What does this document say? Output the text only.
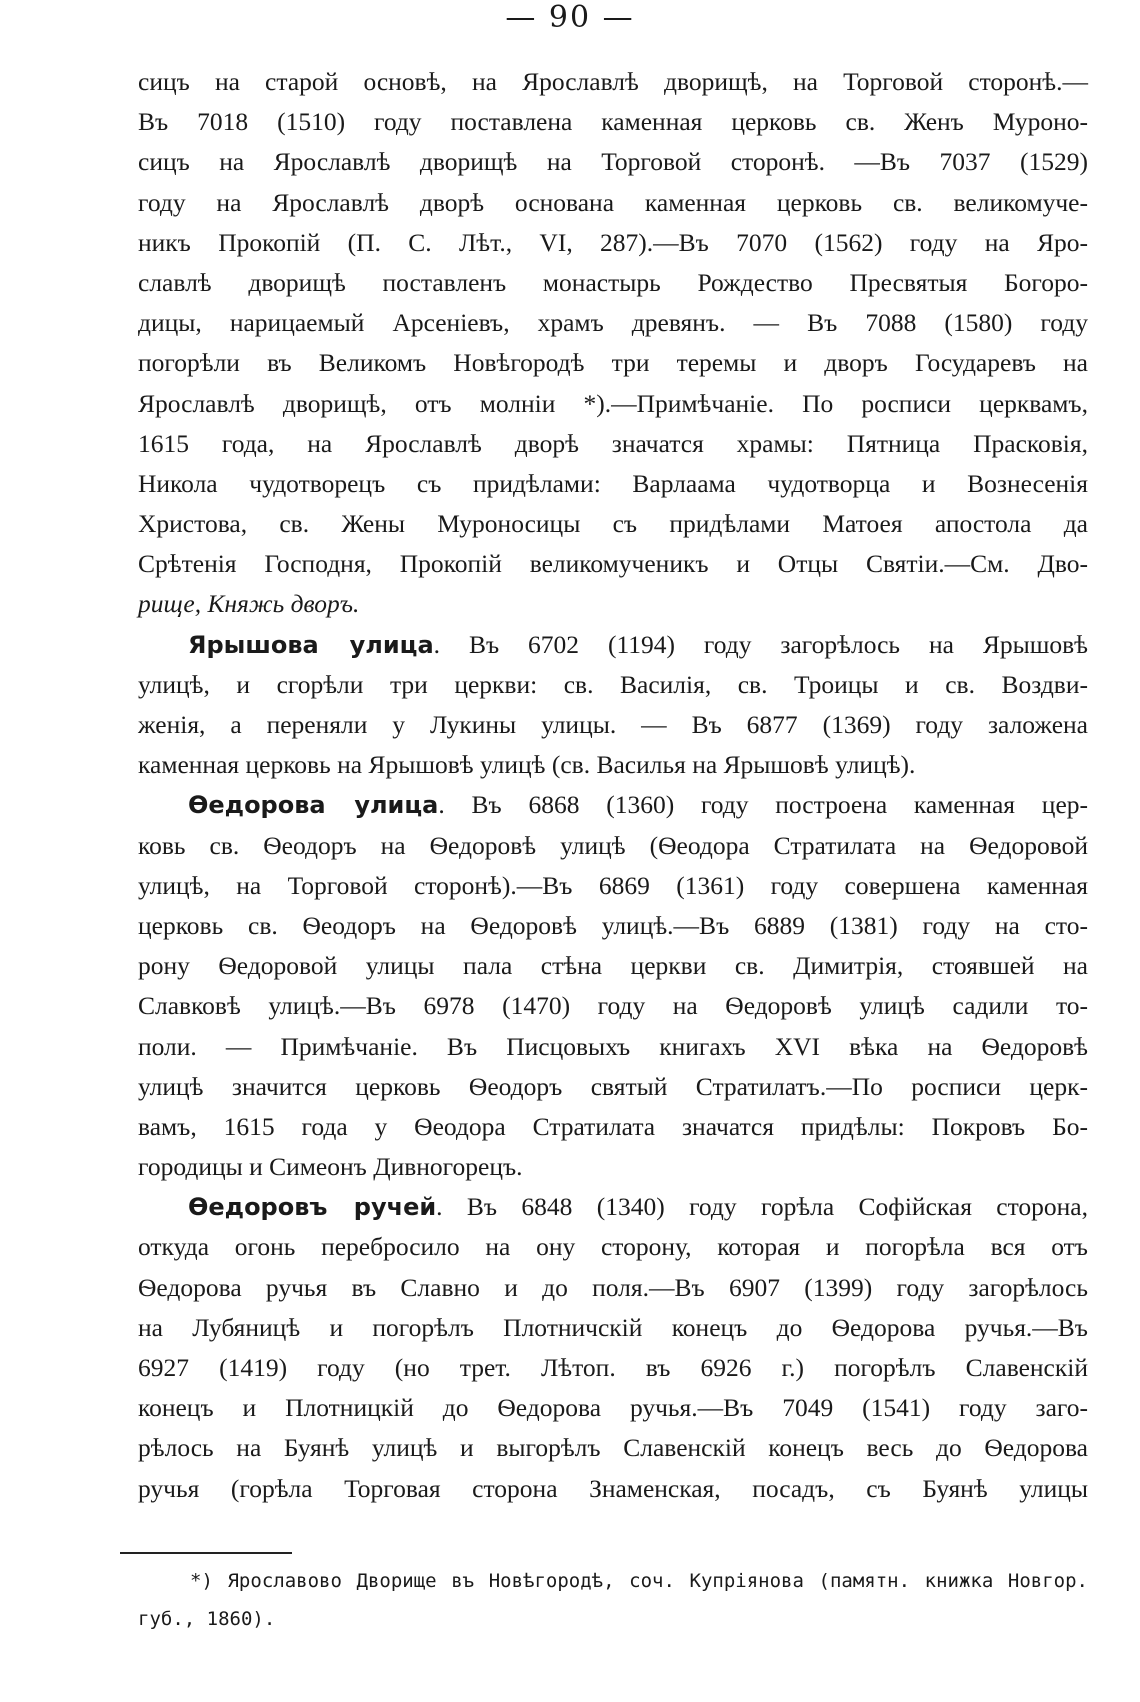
— 90 —
сицъ на старой основѣ, на Ярославлѣ дворищѣ, на Торговой сторонѣ.—
Въ 7018 (1510) году поставлена каменная церковь св. Женъ Муроно-
сицъ на Ярославлѣ дворищѣ на Торговой сторонѣ. —Въ 7037 (1529)
году на Ярославлѣ дворѣ основана каменная церковь св. великомуче-
никъ Прокопій (П. С. Лѣт., VI, 287).—Въ 7070 (1562) году на Яро-
славлѣ дворищѣ поставленъ монастырь Рождество Пресвятыя Богоро-
дицы, нарицаемый Арсеніевъ, храмъ древянъ. — Въ 7088 (1580) году
погорѣли въ Великомъ Новѣгородѣ три теремы и дворъ Государевъ на
Ярославлѣ дворищѣ, отъ молніи *).—Примѣчаніе. По росписи церквамъ,
1615 года, на Ярославлѣ дворѣ значатся храмы: Пятница Прасковія,
Никола чудотворецъ съ придѣлами: Варлаама чудотворца и Вознесенія
Христова, св. Жены Муроносицы съ придѣлами Матоея апостола да
Срѣтенія Господня, Прокопій великомученикъ и Отцы Святіи.—См. Дво-
рище, Княжь дворъ.
Ярышова улица. Въ 6702 (1194) году загорѣлось на Ярышовѣ
улицѣ, и сгорѣли три церкви: св. Василія, св. Троицы и св. Воздви-
женія, а переняли у Лукины улицы. — Въ 6877 (1369) году заложена
каменная церковь на Ярышовѣ улицѣ (св. Василья на Ярышовѣ улицѣ).
Ѳедорова улица. Въ 6868 (1360) году построена каменная цер-
ковь св. Ѳеодоръ на Ѳедоровѣ улицѣ (Ѳеодора Стратилата на Ѳедоровой
улицѣ, на Торговой сторонѣ).—Въ 6869 (1361) году совершена каменная
церковь св. Ѳеодоръ на Ѳедоровѣ улицѣ.—Въ 6889 (1381) году на сто-
рону Ѳедоровой улицы пала стѣна церкви св. Димитрія, стоявшей на
Славковѣ улицѣ.—Въ 6978 (1470) году на Ѳедоровѣ улицѣ садили то-
поли. — Примѣчаніе. Въ Писцовыхъ книгахъ XVI вѣка на Ѳедоровѣ
улицѣ значится церковь Ѳеодоръ святый Стратилатъ.—По росписи церк-
вамъ, 1615 года у Ѳеодора Стратилата значатся придѣлы: Покровъ Бо-
городицы и Симеонъ Дивногорецъ.
Ѳедоровъ ручей. Въ 6848 (1340) году горѣла Софійская сторона,
откуда огонь перебросило на ону сторону, которая и погорѣла вся отъ
Ѳедорова ручья въ Славно и до поля.—Въ 6907 (1399) году загорѣлось
на Лубяницѣ и погорѣлъ Плотничскій конецъ до Ѳедорова ручья.—Въ
6927 (1419) году (но трет. Лѣтоп. въ 6926 г.) погорѣлъ Славенскій
конецъ и Плотницкій до Ѳедорова ручья.—Въ 7049 (1541) году заго-
рѣлось на Буянѣ улицѣ и выгорѣлъ Славенскій конецъ весь до Ѳедорова
ручья (горѣла Торговая сторона Знаменская, посадъ, съ Буянѣ улицы
*) Ярославово Дворище въ Новѣгородѣ, соч. Купріянова (памятн. книжка Новгор.
губ., 1860).
